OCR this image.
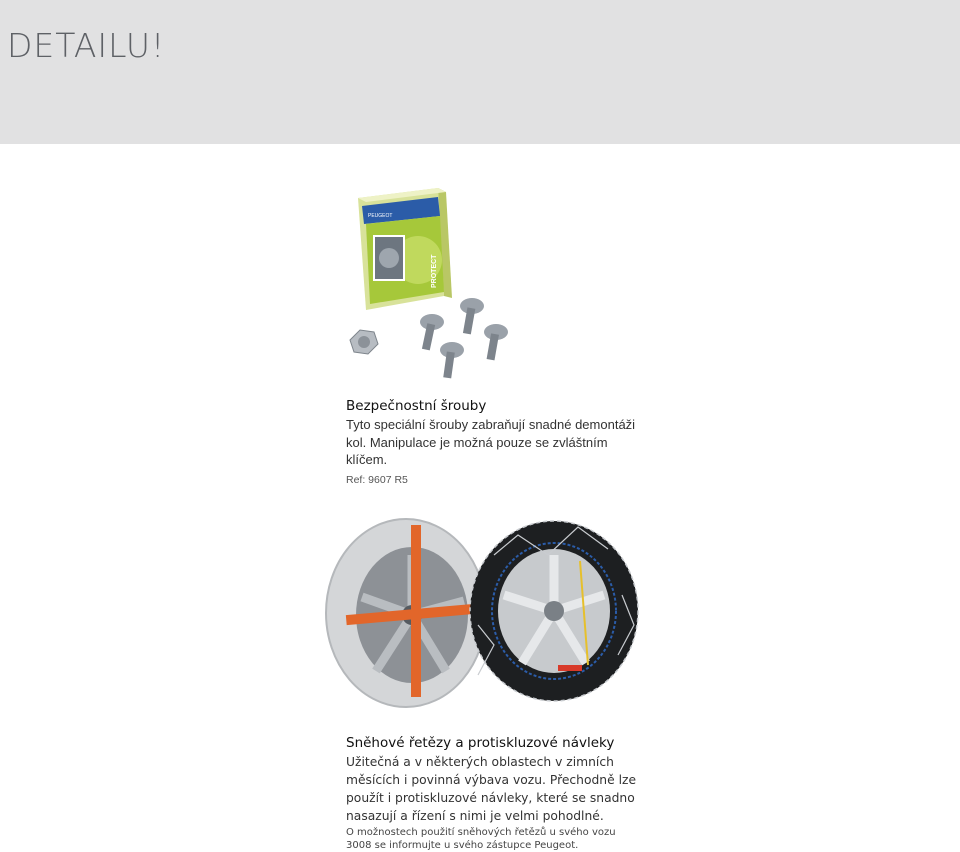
DETAILU!
PEUGEOT
PROTECT
Bezpečnostní šrouby

Tyto speciální šrouby zabraňují snadné demontáži kol. Manipulace je možná pouze se zvláštním klíčem.

Ref: 9607 R5
Sněhové řetězy a protiskluzové návleky

Užitečná a v některých oblastech v zimních měsících i povinná výbava vozu. Přechodně lze použít i protiskluzové návleky, které se snadno nasazují a řízení s nimi je velmi pohodlné.

O možnostech použití sněhových řetězů u svého vozu 3008 se informujte u svého zástupce Peugeot.
